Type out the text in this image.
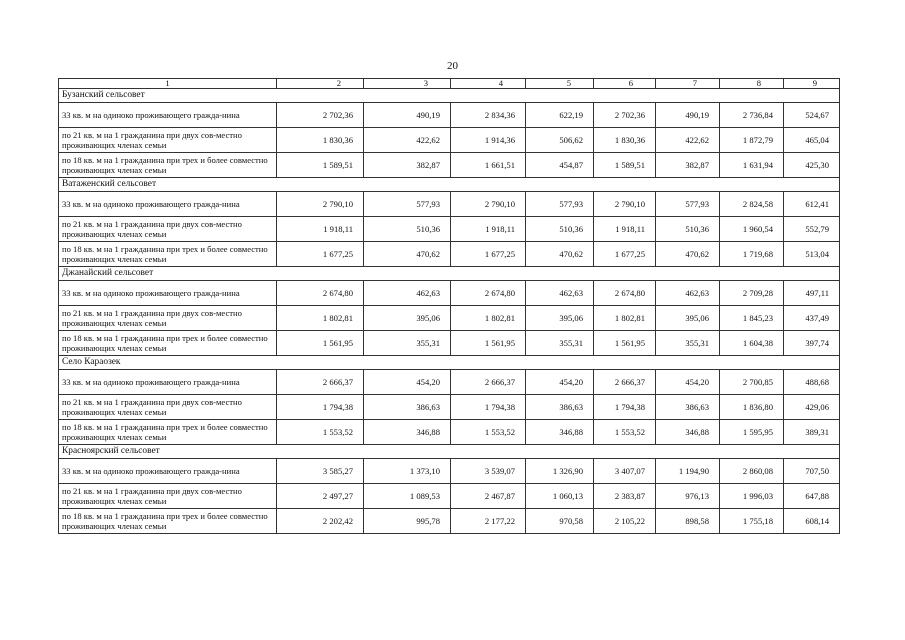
20
1	2	3	4	5	6	7	8	9
Бузанский сельсовет								
33 кв. м на одиноко проживающего гражда-нина	2 702,36	490,19	2 834,36	622,19	2 702,36	490,19	2 736,84	524,67
по 21 кв. м на 1 гражданина при двух сов-местно проживающих членах семьи	1 830,36	422,62	1 914,36	506,62	1 830,36	422,62	1 872,79	465,04
по 18 кв. м на 1 гражданина при трех и более совместно проживающих членах семьи	1 589,51	382,87	1 661,51	454,87	1 589,51	382,87	1 631,94	425,30
Ватаженский сельсовет								
33 кв. м на одиноко проживающего гражда-нина	2 790,10	577,93	2 790,10	577,93	2 790,10	577,93	2 824,58	612,41
по 21 кв. м на 1 гражданина при двух сов-местно проживающих членах семьи	1 918,11	510,36	1 918,11	510,36	1 918,11	510,36	1 960,54	552,79
по 18 кв. м на 1 гражданина при трех и более совместно проживающих членах семьи	1 677,25	470,62	1 677,25	470,62	1 677,25	470,62	1 719,68	513,04
Джанайский сельсовет								
33 кв. м на одиноко проживающего гражда-нина	2 674,80	462,63	2 674,80	462,63	2 674,80	462,63	2 709,28	497,11
по 21 кв. м на 1 гражданина при двух сов-местно проживающих членах семьи	1 802,81	395,06	1 802,81	395,06	1 802,81	395,06	1 845,23	437,49
по 18 кв. м на 1 гражданина при трех и более совместно проживающих членах семьи	1 561,95	355,31	1 561,95	355,31	1 561,95	355,31	1 604,38	397,74
Село Караозек								
33 кв. м на одиноко проживающего гражда-нина	2 666,37	454,20	2 666,37	454,20	2 666,37	454,20	2 700,85	488,68
по 21 кв. м на 1 гражданина при двух сов-местно проживающих членах семьи	1 794,38	386,63	1 794,38	386,63	1 794,38	386,63	1 836,80	429,06
по 18 кв. м на 1 гражданина при трех и более совместно проживающих членах семьи	1 553,52	346,88	1 553,52	346,88	1 553,52	346,88	1 595,95	389,31
Красноярский сельсовет								
33 кв. м на одиноко проживающего гражда-нина	3 585,27	1 373,10	3 539,07	1 326,90	3 407,07	1 194,90	2 860,08	707,50
по 21 кв. м на 1 гражданина при двух сов-местно проживающих членах семьи	2 497,27	1 089,53	2 467,87	1 060,13	2 383,87	976,13	1 996,03	647,88
по 18 кв. м на 1 гражданина при трех и более совместно проживающих членах семьи	2 202,42	995,78	2 177,22	970,58	2 105,22	898,58	1 755,18	608,14
